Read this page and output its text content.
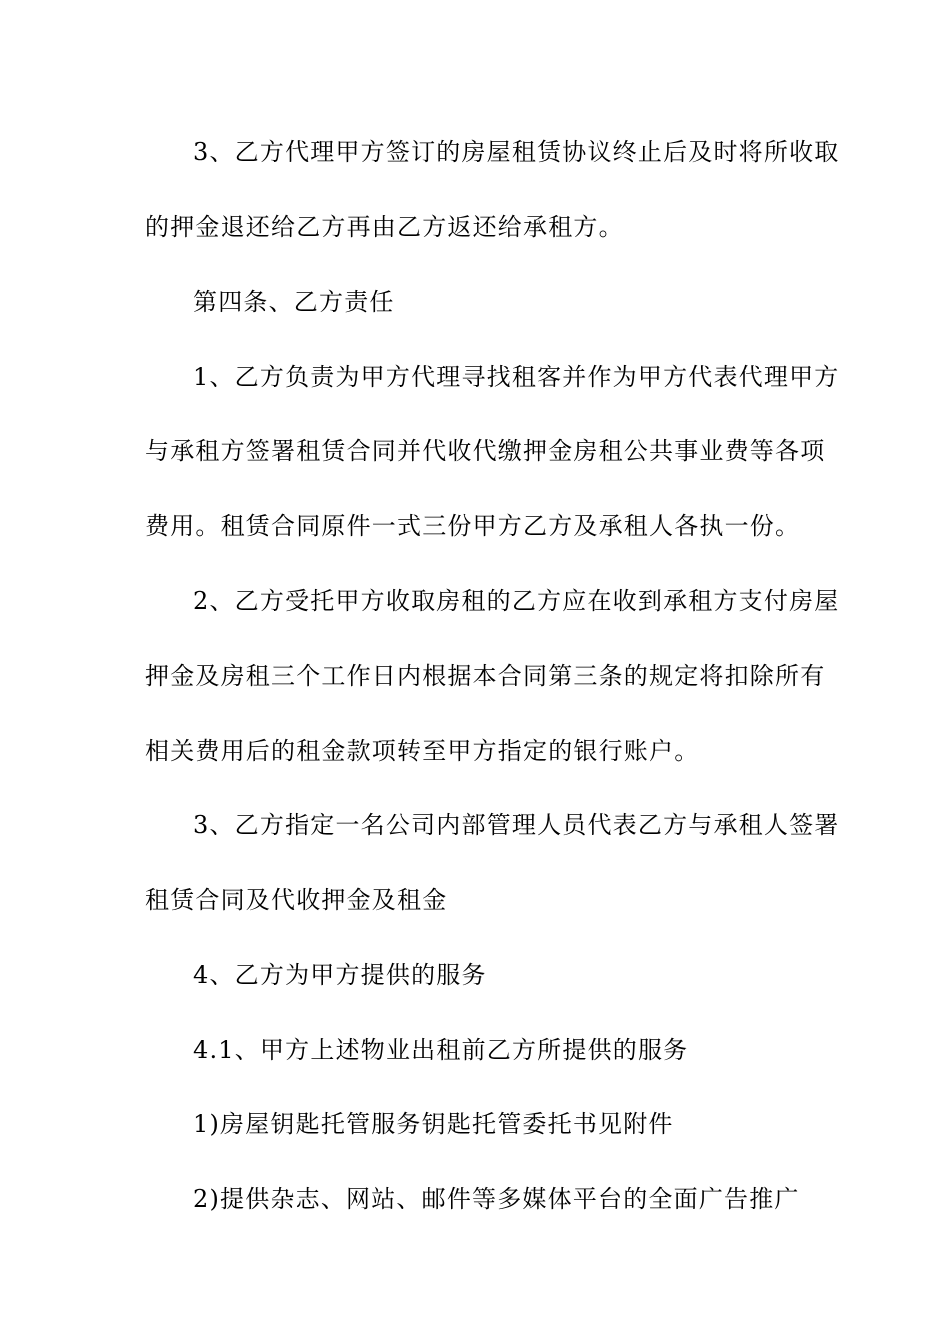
3、乙方代理甲方签订的房屋租赁协议终止后及时将所收取
的押金退还给乙方再由乙方返还给承租方。
第四条、乙方责任
1、乙方负责为甲方代理寻找租客并作为甲方代表代理甲方
与承租方签署租赁合同并代收代缴押金房租公共事业费等各项
费用。租赁合同原件一式三份甲方乙方及承租人各执一份。
2、乙方受托甲方收取房租的乙方应在收到承租方支付房屋
押金及房租三个工作日内根据本合同第三条的规定将扣除所有
相关费用后的租金款项转至甲方指定的银行账户。
3、乙方指定一名公司内部管理人员代表乙方与承租人签署
租赁合同及代收押金及租金
4、乙方为甲方提供的服务
4.1、甲方上述物业出租前乙方所提供的服务
1)房屋钥匙托管服务钥匙托管委托书见附件
2)提供杂志、网站、邮件等多媒体平台的全面广告推广
